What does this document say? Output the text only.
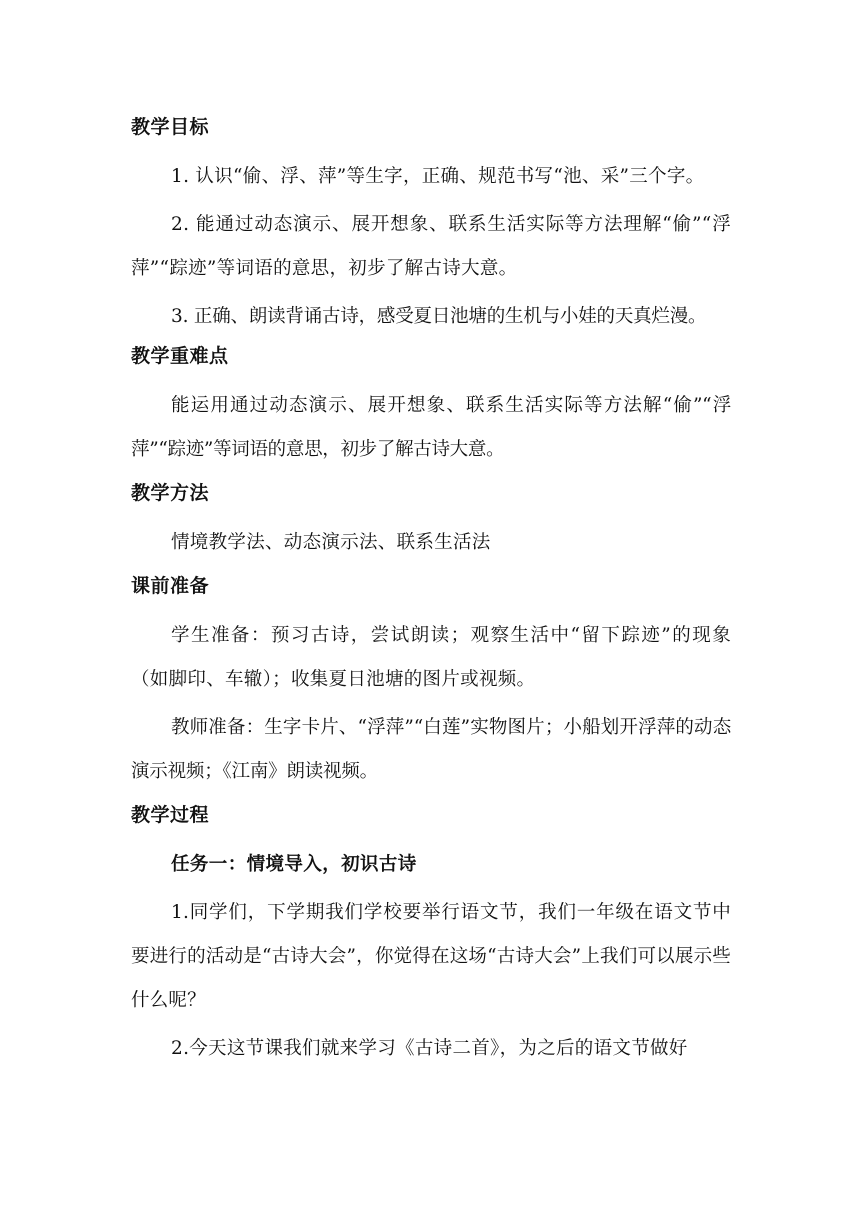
教学目标

1. 认识“偷、浮、萍”等生字，正确、规范书写“池、采”三个字。

2. 能通过动态演示、展开想象、联系生活实际等方法理解“偷”“浮萍”“踪迹”等词语的意思，初步了解古诗大意。

3. 正确、朗读背诵古诗，感受夏日池塘的生机与小娃的天真烂漫。

教学重难点

能运用通过动态演示、展开想象、联系生活实际等方法解“偷”“浮萍”“踪迹”等词语的意思，初步了解古诗大意。

教学方法

情境教学法、动态演示法、联系生活法

课前准备

学生准备：预习古诗，尝试朗读；观察生活中“留下踪迹”的现象（如脚印、车辙）；收集夏日池塘的图片或视频。

教师准备：生字卡片、“浮萍”“白莲”实物图片；小船划开浮萍的动态演示视频；《江南》朗读视频。

教学过程
任务一：情境导入，初识古诗

1.同学们，下学期我们学校要举行语文节，我们一年级在语文节中要进行的活动是“古诗大会”，你觉得在这场“古诗大会”上我们可以展示些什么呢？

2.今天这节课我们就来学习《古诗二首》，为之后的语文节做好
